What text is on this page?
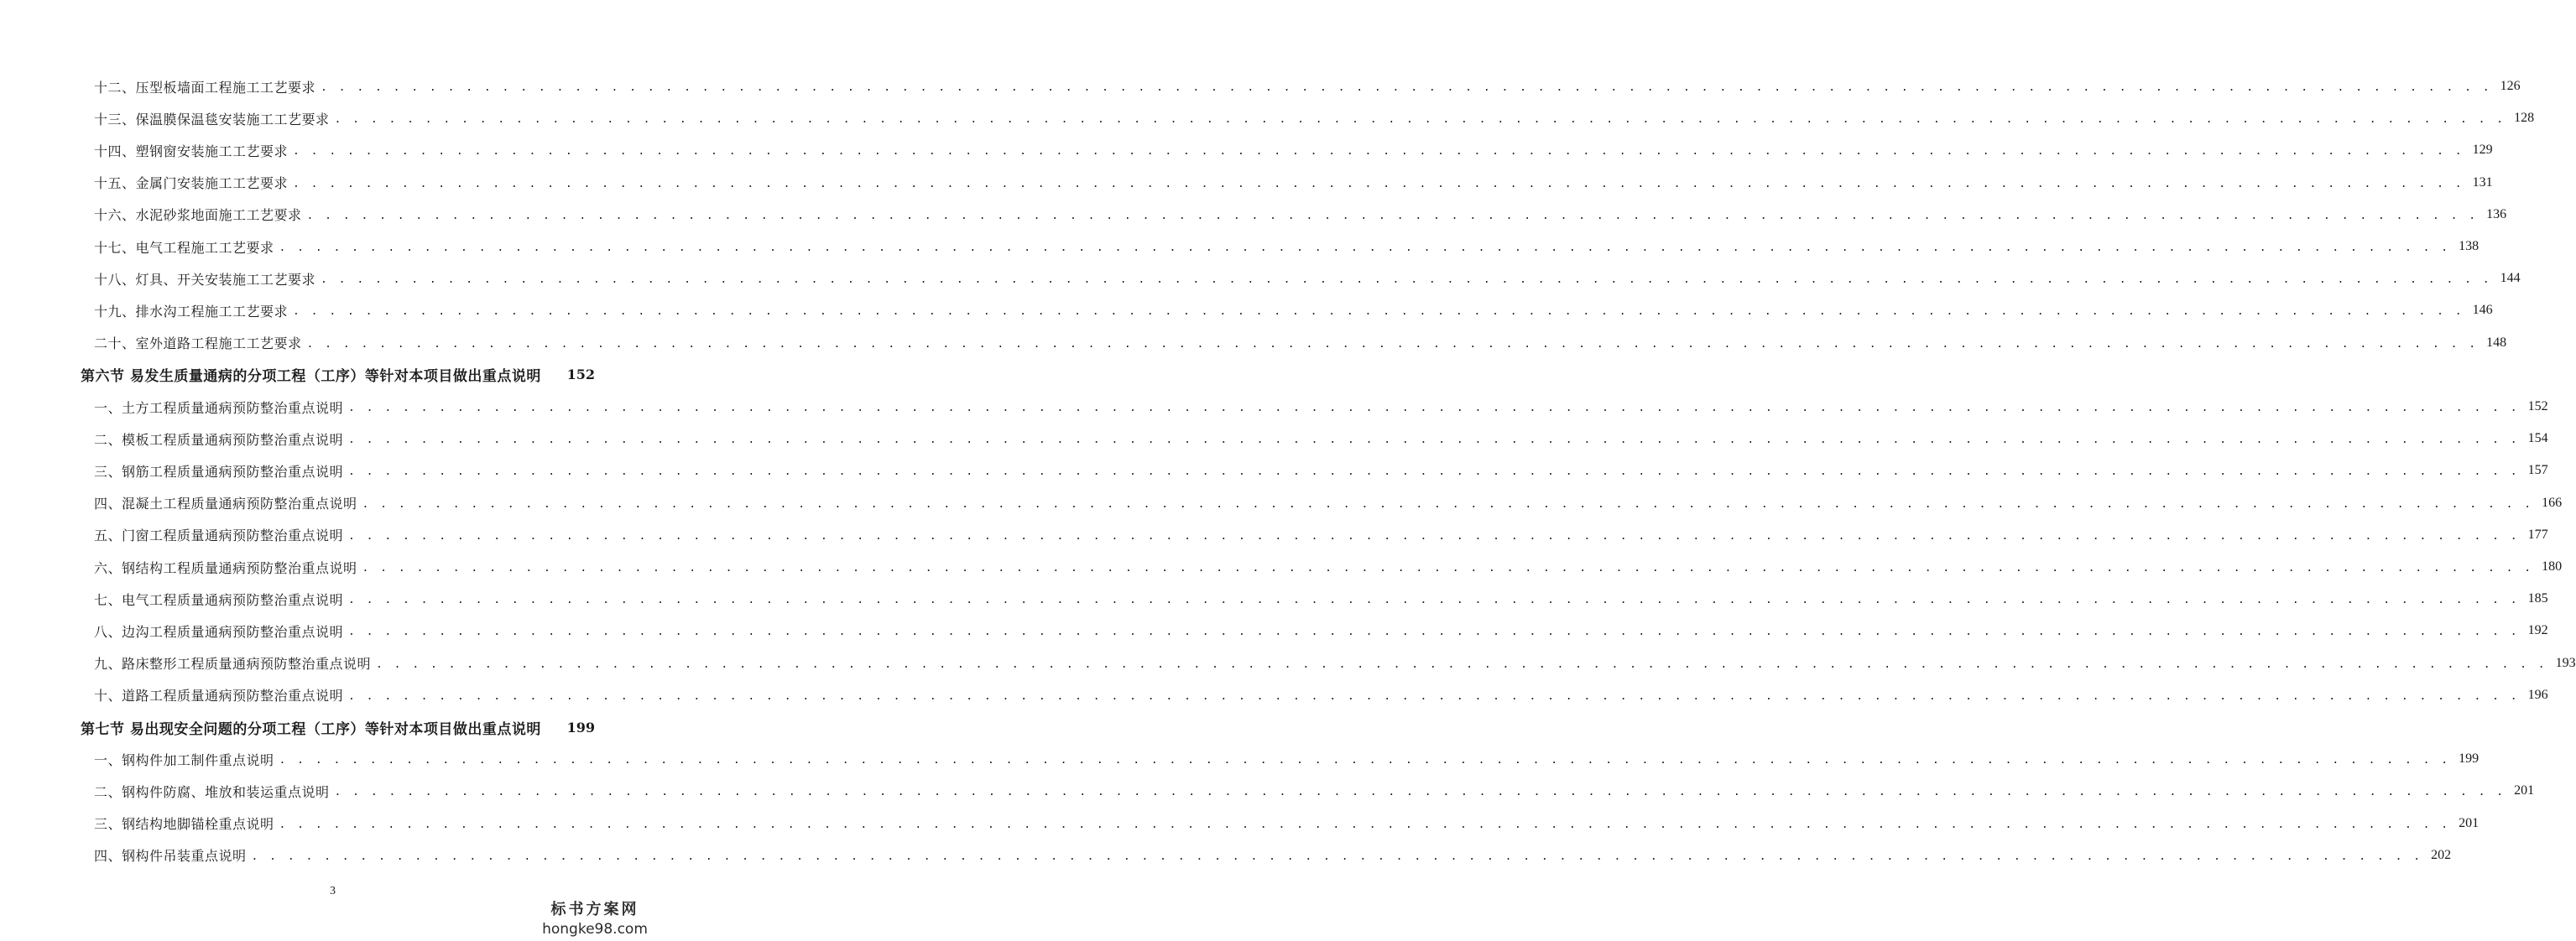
十二、压型板墙面工程施工工艺要求 . . . . . . . . . . . . . . . . . . . . . . . . . . . . . . . . . . . . . . . . . . . . . . . . . . . . . . . . . . . . . . . . . . . . . . . . . . . . . . . . . . . . . . . . . . . . . . . . . . . . . . . . . . . . . . . . . . . . . . . . 126
十三、保温膜保温毯安装施工工艺要求 . . . . . . . . . . . . . . . . . . . . . . . . . . . . . . . . . . . . . . . . . . . . . . . . . . . . . . . . . . . . . . . . . . . . . . . . . . . . . . . . . . . . . . . . . . . . . . . . . . . . . . . . . . . . . . . . . . . . . . . . 128
十四、塑钢窗安装施工工艺要求 . . . . . . . . . . . . . . . . . . . . . . . . . . . . . . . . . . . . . . . . . . . . . . . . . . . . . . . . . . . . . . . . . . . . . . . . . . . . . . . . . . . . . . . . . . . . . . . . . . . . . . . . . . . . . . . . . . . . . . . . 129
十五、金属门安装施工工艺要求 . . . . . . . . . . . . . . . . . . . . . . . . . . . . . . . . . . . . . . . . . . . . . . . . . . . . . . . . . . . . . . . . . . . . . . . . . . . . . . . . . . . . . . . . . . . . . . . . . . . . . . . . . . . . . . . . . . . . . . . . 131
十六、水泥砂浆地面施工工艺要求 . . . . . . . . . . . . . . . . . . . . . . . . . . . . . . . . . . . . . . . . . . . . . . . . . . . . . . . . . . . . . . . . . . . . . . . . . . . . . . . . . . . . . . . . . . . . . . . . . . . . . . . . . . . . . . . . . . . . . . . . 136
十七、电气工程施工工艺要求 . . . . . . . . . . . . . . . . . . . . . . . . . . . . . . . . . . . . . . . . . . . . . . . . . . . . . . . . . . . . . . . . . . . . . . . . . . . . . . . . . . . . . . . . . . . . . . . . . . . . . . . . . . . . . . . . . . . . . . . . 138
十八、灯具、开关安装施工工艺要求 . . . . . . . . . . . . . . . . . . . . . . . . . . . . . . . . . . . . . . . . . . . . . . . . . . . . . . . . . . . . . . . . . . . . . . . . . . . . . . . . . . . . . . . . . . . . . . . . . . . . . . . . . . . . . . . . . . . . . . . . 144
十九、排水沟工程施工工艺要求 . . . . . . . . . . . . . . . . . . . . . . . . . . . . . . . . . . . . . . . . . . . . . . . . . . . . . . . . . . . . . . . . . . . . . . . . . . . . . . . . . . . . . . . . . . . . . . . . . . . . . . . . . . . . . . . . . . . . . . . . 146
二十、室外道路工程施工工艺要求 . . . . . . . . . . . . . . . . . . . . . . . . . . . . . . . . . . . . . . . . . . . . . . . . . . . . . . . . . . . . . . . . . . . . . . . . . . . . . . . . . . . . . . . . . . . . . . . . . . . . . . . . . . . . . . . . . . . . . . . . 148
第六节 易发生质量通病的分项工程（工序）等针对本项目做出重点说明 152
一、土方工程质量通病预防整治重点说明 . . . . . . . . . . . . . . . . . . . . . . . . . . . . . . . . . . . . . . . . . . . . . . . . . . . . . . . . . . . . . . . . . . . . . . . . . . . . . . . . . . . . . . . . . . . . . . . . . . . . . . . . . . . . . . . . . . . . . . . . 152
二、模板工程质量通病预防整治重点说明 . . . . . . . . . . . . . . . . . . . . . . . . . . . . . . . . . . . . . . . . . . . . . . . . . . . . . . . . . . . . . . . . . . . . . . . . . . . . . . . . . . . . . . . . . . . . . . . . . . . . . . . . . . . . . . . . . . . . . . . . 154
三、钢筋工程质量通病预防整治重点说明 . . . . . . . . . . . . . . . . . . . . . . . . . . . . . . . . . . . . . . . . . . . . . . . . . . . . . . . . . . . . . . . . . . . . . . . . . . . . . . . . . . . . . . . . . . . . . . . . . . . . . . . . . . . . . . . . . . . . . . . . 157
四、混凝土工程质量通病预防整治重点说明 . . . . . . . . . . . . . . . . . . . . . . . . . . . . . . . . . . . . . . . . . . . . . . . . . . . . . . . . . . . . . . . . . . . . . . . . . . . . . . . . . . . . . . . . . . . . . . . . . . . . . . . . . . . . . . . . . . . . . . . . 166
五、门窗工程质量通病预防整治重点说明 . . . . . . . . . . . . . . . . . . . . . . . . . . . . . . . . . . . . . . . . . . . . . . . . . . . . . . . . . . . . . . . . . . . . . . . . . . . . . . . . . . . . . . . . . . . . . . . . . . . . . . . . . . . . . . . . . . . . . . . . 177
六、钢结构工程质量通病预防整治重点说明 . . . . . . . . . . . . . . . . . . . . . . . . . . . . . . . . . . . . . . . . . . . . . . . . . . . . . . . . . . . . . . . . . . . . . . . . . . . . . . . . . . . . . . . . . . . . . . . . . . . . . . . . . . . . . . . . . . . . . . . . 180
七、电气工程质量通病预防整治重点说明 . . . . . . . . . . . . . . . . . . . . . . . . . . . . . . . . . . . . . . . . . . . . . . . . . . . . . . . . . . . . . . . . . . . . . . . . . . . . . . . . . . . . . . . . . . . . . . . . . . . . . . . . . . . . . . . . . . . . . . . . 185
八、边沟工程质量通病预防整治重点说明 . . . . . . . . . . . . . . . . . . . . . . . . . . . . . . . . . . . . . . . . . . . . . . . . . . . . . . . . . . . . . . . . . . . . . . . . . . . . . . . . . . . . . . . . . . . . . . . . . . . . . . . . . . . . . . . . . . . . . . . . 192
九、路床整形工程质量通病预防整治重点说明 . . . . . . . . . . . . . . . . . . . . . . . . . . . . . . . . . . . . . . . . . . . . . . . . . . . . . . . . . . . . . . . . . . . . . . . . . . . . . . . . . . . . . . . . . . . . . . . . . . . . . . . . . . . . . . . . . . . . . . . . 193
十、道路工程质量通病预防整治重点说明 . . . . . . . . . . . . . . . . . . . . . . . . . . . . . . . . . . . . . . . . . . . . . . . . . . . . . . . . . . . . . . . . . . . . . . . . . . . . . . . . . . . . . . . . . . . . . . . . . . . . . . . . . . . . . . . . . . . . . . . . 196
第七节 易出现安全问题的分项工程（工序）等针对本项目做出重点说明 199
一、钢构件加工制件重点说明 . . . . . . . . . . . . . . . . . . . . . . . . . . . . . . . . . . . . . . . . . . . . . . . . . . . . . . . . . . . . . . . . . . . . . . . . . . . . . . . . . . . . . . . . . . . . . . . . . . . . . . . . . . . . . . . . . . . . . . . . 199
二、钢构件防腐、堆放和装运重点说明 . . . . . . . . . . . . . . . . . . . . . . . . . . . . . . . . . . . . . . . . . . . . . . . . . . . . . . . . . . . . . . . . . . . . . . . . . . . . . . . . . . . . . . . . . . . . . . . . . . . . . . . . . . . . . . . . . . . . . . . . 201
三、钢结构地脚锚栓重点说明 . . . . . . . . . . . . . . . . . . . . . . . . . . . . . . . . . . . . . . . . . . . . . . . . . . . . . . . . . . . . . . . . . . . . . . . . . . . . . . . . . . . . . . . . . . . . . . . . . . . . . . . . . . . . . . . . . . . . . . . . 201
四、钢构件吊装重点说明 . . . . . . . . . . . . . . . . . . . . . . . . . . . . . . . . . . . . . . . . . . . . . . . . . . . . . . . . . . . . . . . . . . . . . . . . . . . . . . . . . . . . . . . . . . . . . . . . . . . . . . . . . . . . . . . . . . . . . . . . 202
3
标书方案网
hongke98.com
